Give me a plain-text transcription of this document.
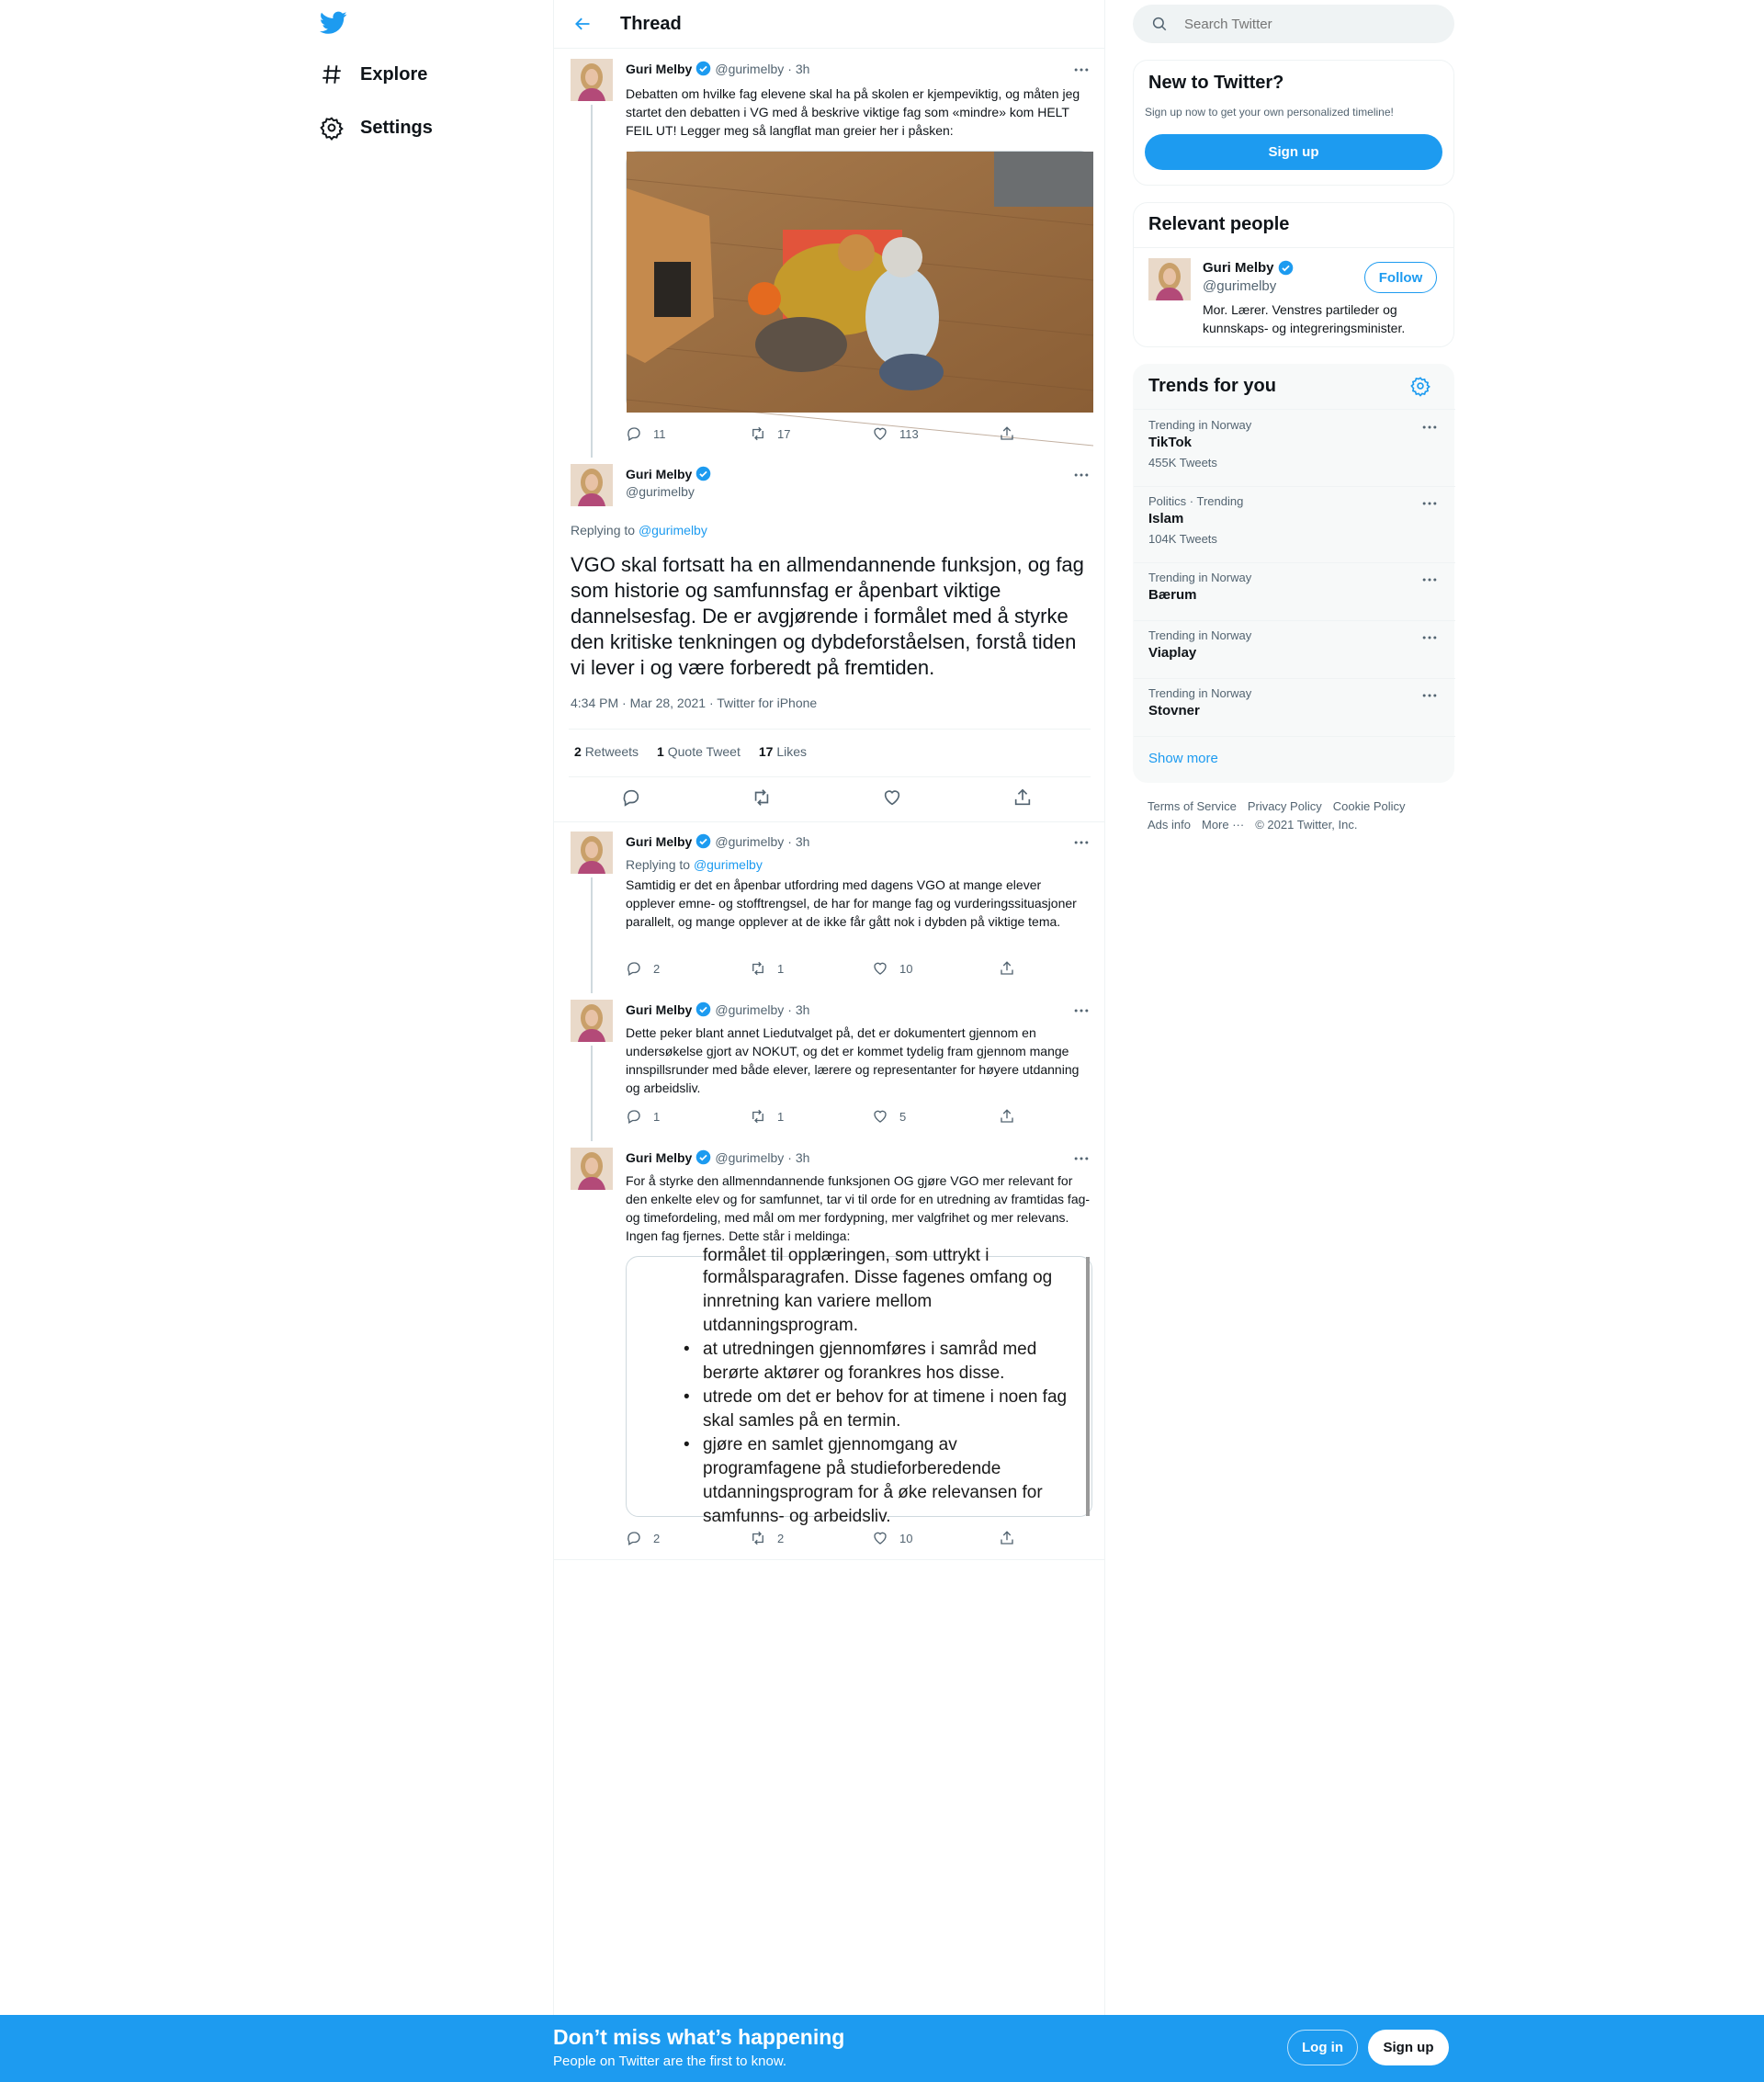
Explore
Settings
Thread
Guri Melby @gurimelby · 3h
Debatten om hvilke fag elevene skal ha på skolen er kjempeviktig, og måten jeg startet den debatten i VG med å beskrive viktige fag som «mindre» kom HELT FEIL UT! Legger meg så langflat man greier her i påsken:
11	17	113
Guri Melby
@gurimelby
Replying to @gurimelby
VGO skal fortsatt ha en allmendannende funksjon, og fag som historie og samfunnsfag er åpenbart viktige dannelsesfag. De er avgjørende i formålet med å styrke den kritiske tenkningen og dybdeforståelsen, forstå tiden vi lever i og være forberedt på fremtiden.
4:34 PM · Mar 28, 2021 · Twitter for iPhone
2 Retweets 1 Quote Tweet 17 Likes
Guri Melby @gurimelby · 3h
Replying to @gurimelby
Samtidig er det en åpenbar utfordring med dagens VGO at mange elever opplever emne- og stofftrengsel, de har for mange fag og vurderingssituasjoner parallelt, og mange opplever at de ikke får gått nok i dybden på viktige tema.
2	1	10
Guri Melby @gurimelby · 3h
Dette peker blant annet Liedutvalget på, det er dokumentert gjennom en undersøkelse gjort av NOKUT, og det er kommet tydelig fram gjennom mange innspillsrunder med både elever, lærere og representanter for høyere utdanning og arbeidsliv.
1	1	5
Guri Melby @gurimelby · 3h
For å styrke den allmenndannende funksjonen OG gjøre VGO mer relevant for den enkelte elev og for samfunnet, tar vi til orde for en utredning av framtidas fag- og timefordeling, med mål om mer fordypning, mer valgfrihet og mer relevans. Ingen fag fjernes. Dette står i meldinga:
formålet til opplæringen, som uttrykt i
formålsparagrafen. Disse fagenes omfang og innretning kan variere mellom utdanningsprogram.
• at utredningen gjennomføres i samråd med berørte aktører og forankres hos disse.
• utrede om det er behov for at timene i noen fag skal samles på en termin.
• gjøre en samlet gjennomgang av programfagene på studieforberedende utdanningsprogram for å øke relevansen for samfunns- og arbeidsliv.
2	2	10
Search Twitter
New to Twitter?
Sign up now to get your own personalized timeline!
Sign up
Relevant people
Guri Melby
@gurimelby
Follow
Mor. Lærer. Venstres partileder og kunnskaps- og integreringsminister.
Trends for you
Trending in Norway
TikTok
455K Tweets
Politics · Trending
Islam
104K Tweets
Trending in Norway
Bærum
Trending in Norway
Viaplay
Trending in Norway
Stovner
Show more
Terms of Service Privacy Policy Cookie Policy
Ads info More ··· © 2021 Twitter, Inc.
Don’t miss what’s happening
People on Twitter are the first to know.
Log in	Sign up
